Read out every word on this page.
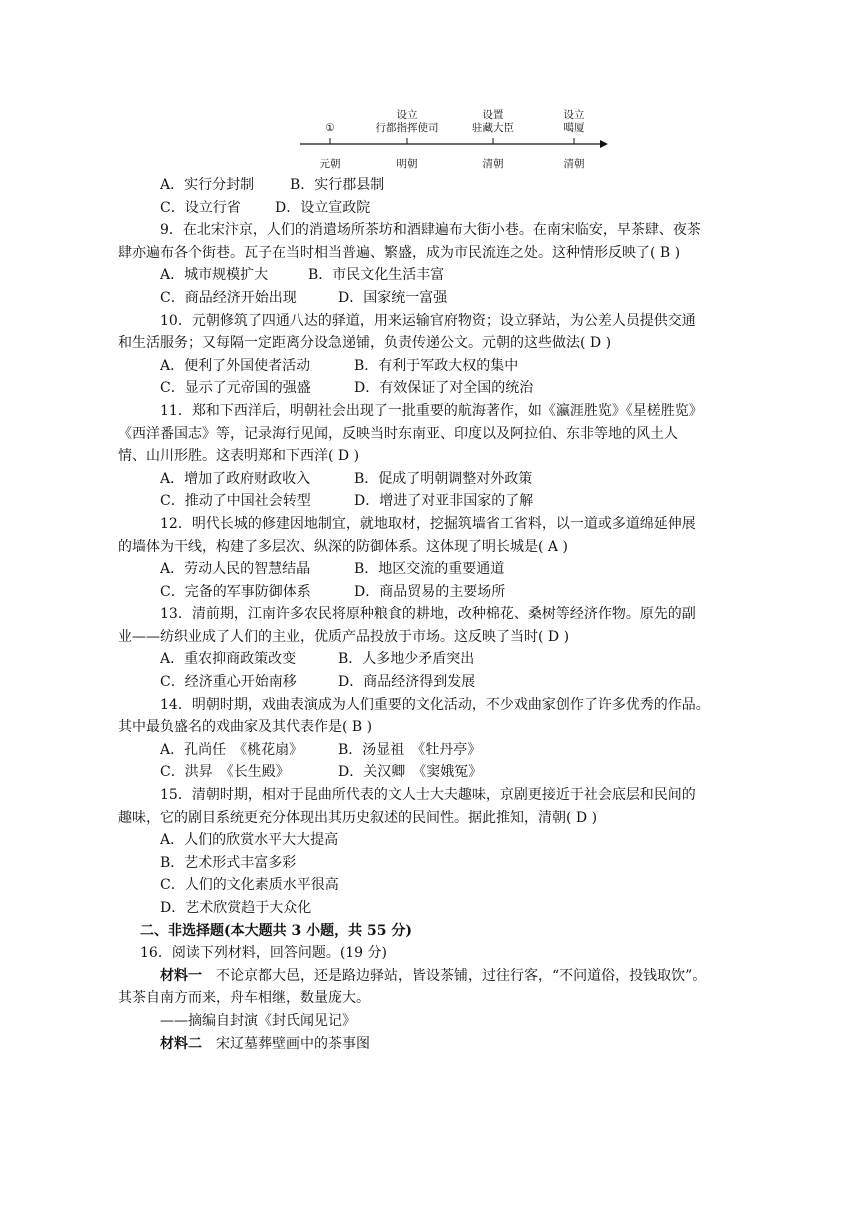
①
设立
行都指挥使司
设置
驻藏大臣
设立
噶厦
元朝	明朝	清朝	清朝

A．实行分封制	B．实行郡县制

C．设立行省 D．设立宣政院

9．在北宋汴京，人们的消遣场所茶坊和酒肆遍布大街小巷。在南宋临安，早茶肆、夜茶

肆亦遍布各个街巷。瓦子在当时相当普遍、繁盛，成为市民流连之处。这种情形反映了( B )

A．城市规模扩大	B．市民文化生活丰富

C．商品经济开始出现	D．国家统一富强

10．元朝修筑了四通八达的驿道，用来运输官府物资；设立驿站，为公差人员提供交通

和生活服务；又每隔一定距离分设急递铺，负责传递公文。元朝的这些做法( D )

A．便利了外国使者活动	B．有利于军政大权的集中

C．显示了元帝国的强盛	D．有效保证了对全国的统治

11．郑和下西洋后，明朝社会出现了一批重要的航海著作，如《瀛涯胜览》《星槎胜览》

《西洋番国志》等，记录海行见闻，反映当时东南亚、印度以及阿拉伯、东非等地的风土人

情、山川形胜。这表明郑和下西洋( D )

A．增加了政府财政收入	B．促成了明朝调整对外政策

C．推动了中国社会转型	D．增进了对亚非国家的了解

12．明代长城的修建因地制宜，就地取材，挖掘筑墙省工省料，以一道或多道绵延伸展

的墙体为干线，构建了多层次、纵深的防御体系。这体现了明长城是( A )

A．劳动人民的智慧结晶	B．地区交流的重要通道

C．完备的军事防御体系	D．商品贸易的主要场所

13．清前期，江南许多农民将原种粮食的耕地，改种棉花、桑树等经济作物。原先的副

业——纺织业成了人们的主业，优质产品投放于市场。这反映了当时( D )

A．重农抑商政策改变	B．人多地少矛盾突出

C．经济重心开始南移	D．商品经济得到发展

14．明朝时期，戏曲表演成为人们重要的文化活动，不少戏曲家创作了许多优秀的作品。

其中最负盛名的戏曲家及其代表作是( B )

A．孔尚任　《桃花扇》 B．汤显祖　《牡丹亭》

C．洪昇　《长生殿》	D．关汉卿　《窦娥冤》

15．清朝时期，相对于昆曲所代表的文人士大夫趣味，京剧更接近于社会底层和民间的

趣味，它的剧目系统更充分体现出其历史叙述的民间性。据此推知，清朝( D )

A．人们的欣赏水平大大提高

B．艺术形式丰富多彩

C．人们的文化素质水平很高

D．艺术欣赏趋于大众化

二、非选择题(本大题共 3 小题，共 55 分)

16．阅读下列材料，回答问题。(19 分)

材料一 不论京都大邑，还是路边驿站，皆设茶铺，过往行客，“不问道俗，投钱取饮”。

其茶自南方而来，舟车相继，数量庞大。

——摘编自封演《封氏闻见记》

材料二 宋辽墓葬壁画中的茶事图
